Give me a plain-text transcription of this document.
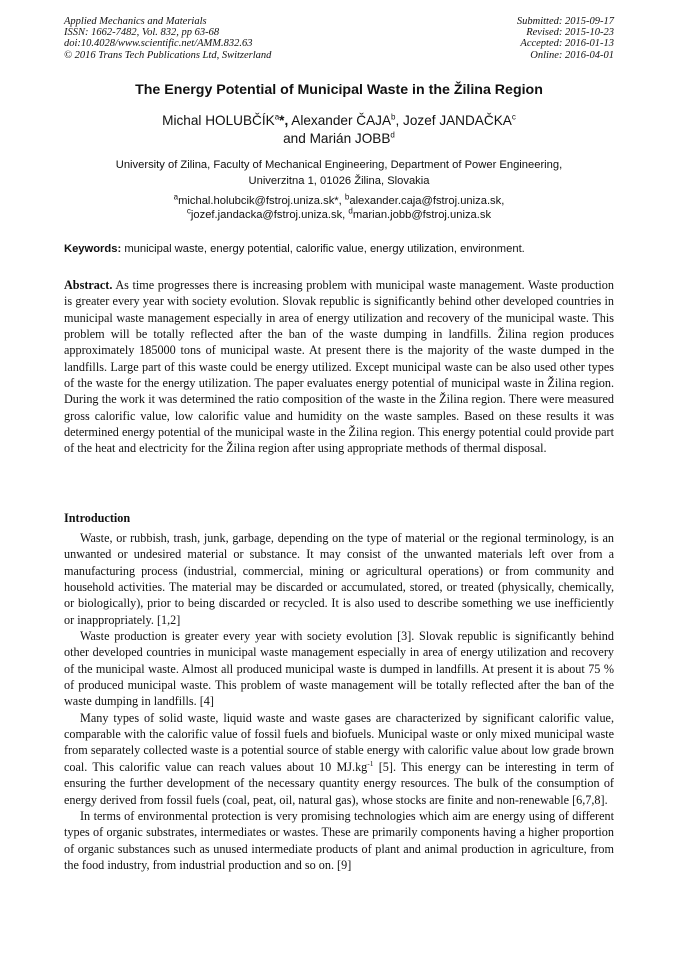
Applied Mechanics and Materials
ISSN: 1662-7482, Vol. 832, pp 63-68
doi:10.4028/www.scientific.net/AMM.832.63
© 2016 Trans Tech Publications Ltd, Switzerland
Submitted: 2015-09-17
Revised: 2015-10-23
Accepted: 2016-01-13
Online: 2016-04-01
The Energy Potential of Municipal Waste in the Žilina Region
Michal HOLUBČÍK$^a$*, Alexander ČAJA$^b$, Jozef JANDAČKA$^c$
and Marián JOBB$^d$
University of Zilina, Faculty of Mechanical Engineering, Department of Power Engineering,
Univerzitna 1, 01026 Žilina, Slovakia
$^a$michal.holubcik@fstroj.uniza.sk*, $^b$alexander.caja@fstroj.uniza.sk,
$^c$jozef.jandacka@fstroj.uniza.sk, $^d$marian.jobb@fstroj.uniza.sk
Keywords: municipal waste, energy potential, calorific value, energy utilization, environment.

Abstract. As time progresses there is increasing problem with municipal waste management. Waste production is greater every year with society evolution. Slovak republic is significantly behind other developed countries in municipal waste management especially in area of energy utilization and recovery of the municipal waste. This problem will be totally reflected after the ban of the waste dumping in landfills. Žilina region produces approximately 185000 tons of municipal waste. At present there is the majority of the waste dumped in the landfills. Large part of this waste could be energy utilized. Except municipal waste can be also used other types of the waste for the energy utilization. The paper evaluates energy potential of municipal waste in Žilina region. During the work it was determined the ratio composition of the waste in the Žilina region. There were measured gross calorific value, low calorific value and humidity on the waste samples. Based on these results it was determined energy potential of the municipal waste in the Žilina region. This energy potential could provide part of the heat and electricity for the Žilina region after using appropriate methods of thermal disposal.

Introduction

Waste, or rubbish, trash, junk, garbage, depending on the type of material or the regional terminology, is an unwanted or undesired material or substance. It may consist of the unwanted materials left over from a manufacturing process (industrial, commercial, mining or agricultural operations) or from community and household activities. The material may be discarded or accumulated, stored, or treated (physically, chemically, or biologically), prior to being discarded or recycled. It is also used to describe something we use inefficiently or inappropriately. [1,2]

Waste production is greater every year with society evolution [3]. Slovak republic is significantly behind other developed countries in municipal waste management especially in area of energy utilization and recovery of the municipal waste. Almost all produced municipal waste is dumped in landfills. At present it is about 75 % of produced municipal waste. This problem of waste management will be totally reflected after the ban of the waste dumping in landfills. [4]

Many types of solid waste, liquid waste and waste gases are characterized by significant calorific value, comparable with the calorific value of fossil fuels and biofuels. Municipal waste or only mixed municipal waste from separately collected waste is a potential source of stable energy with calorific value about low grade brown coal. This calorific value can reach values about 10 $MJ.kg^{-1}$ [5]. This energy can be interesting in term of ensuring the further development of the necessary quantity energy resources. The bulk of the consumption of energy derived from fossil fuels (coal, peat, oil, natural gas), whose stocks are finite and non-renewable [6,7,8].

In terms of environmental protection is very promising technologies which aim are energy using of different types of organic substrates, intermediates or wastes. These are primarily components having a higher proportion of organic substances such as unused intermediate products of plant and animal production in agriculture, from the food industry, from industrial production and so on. [9]
